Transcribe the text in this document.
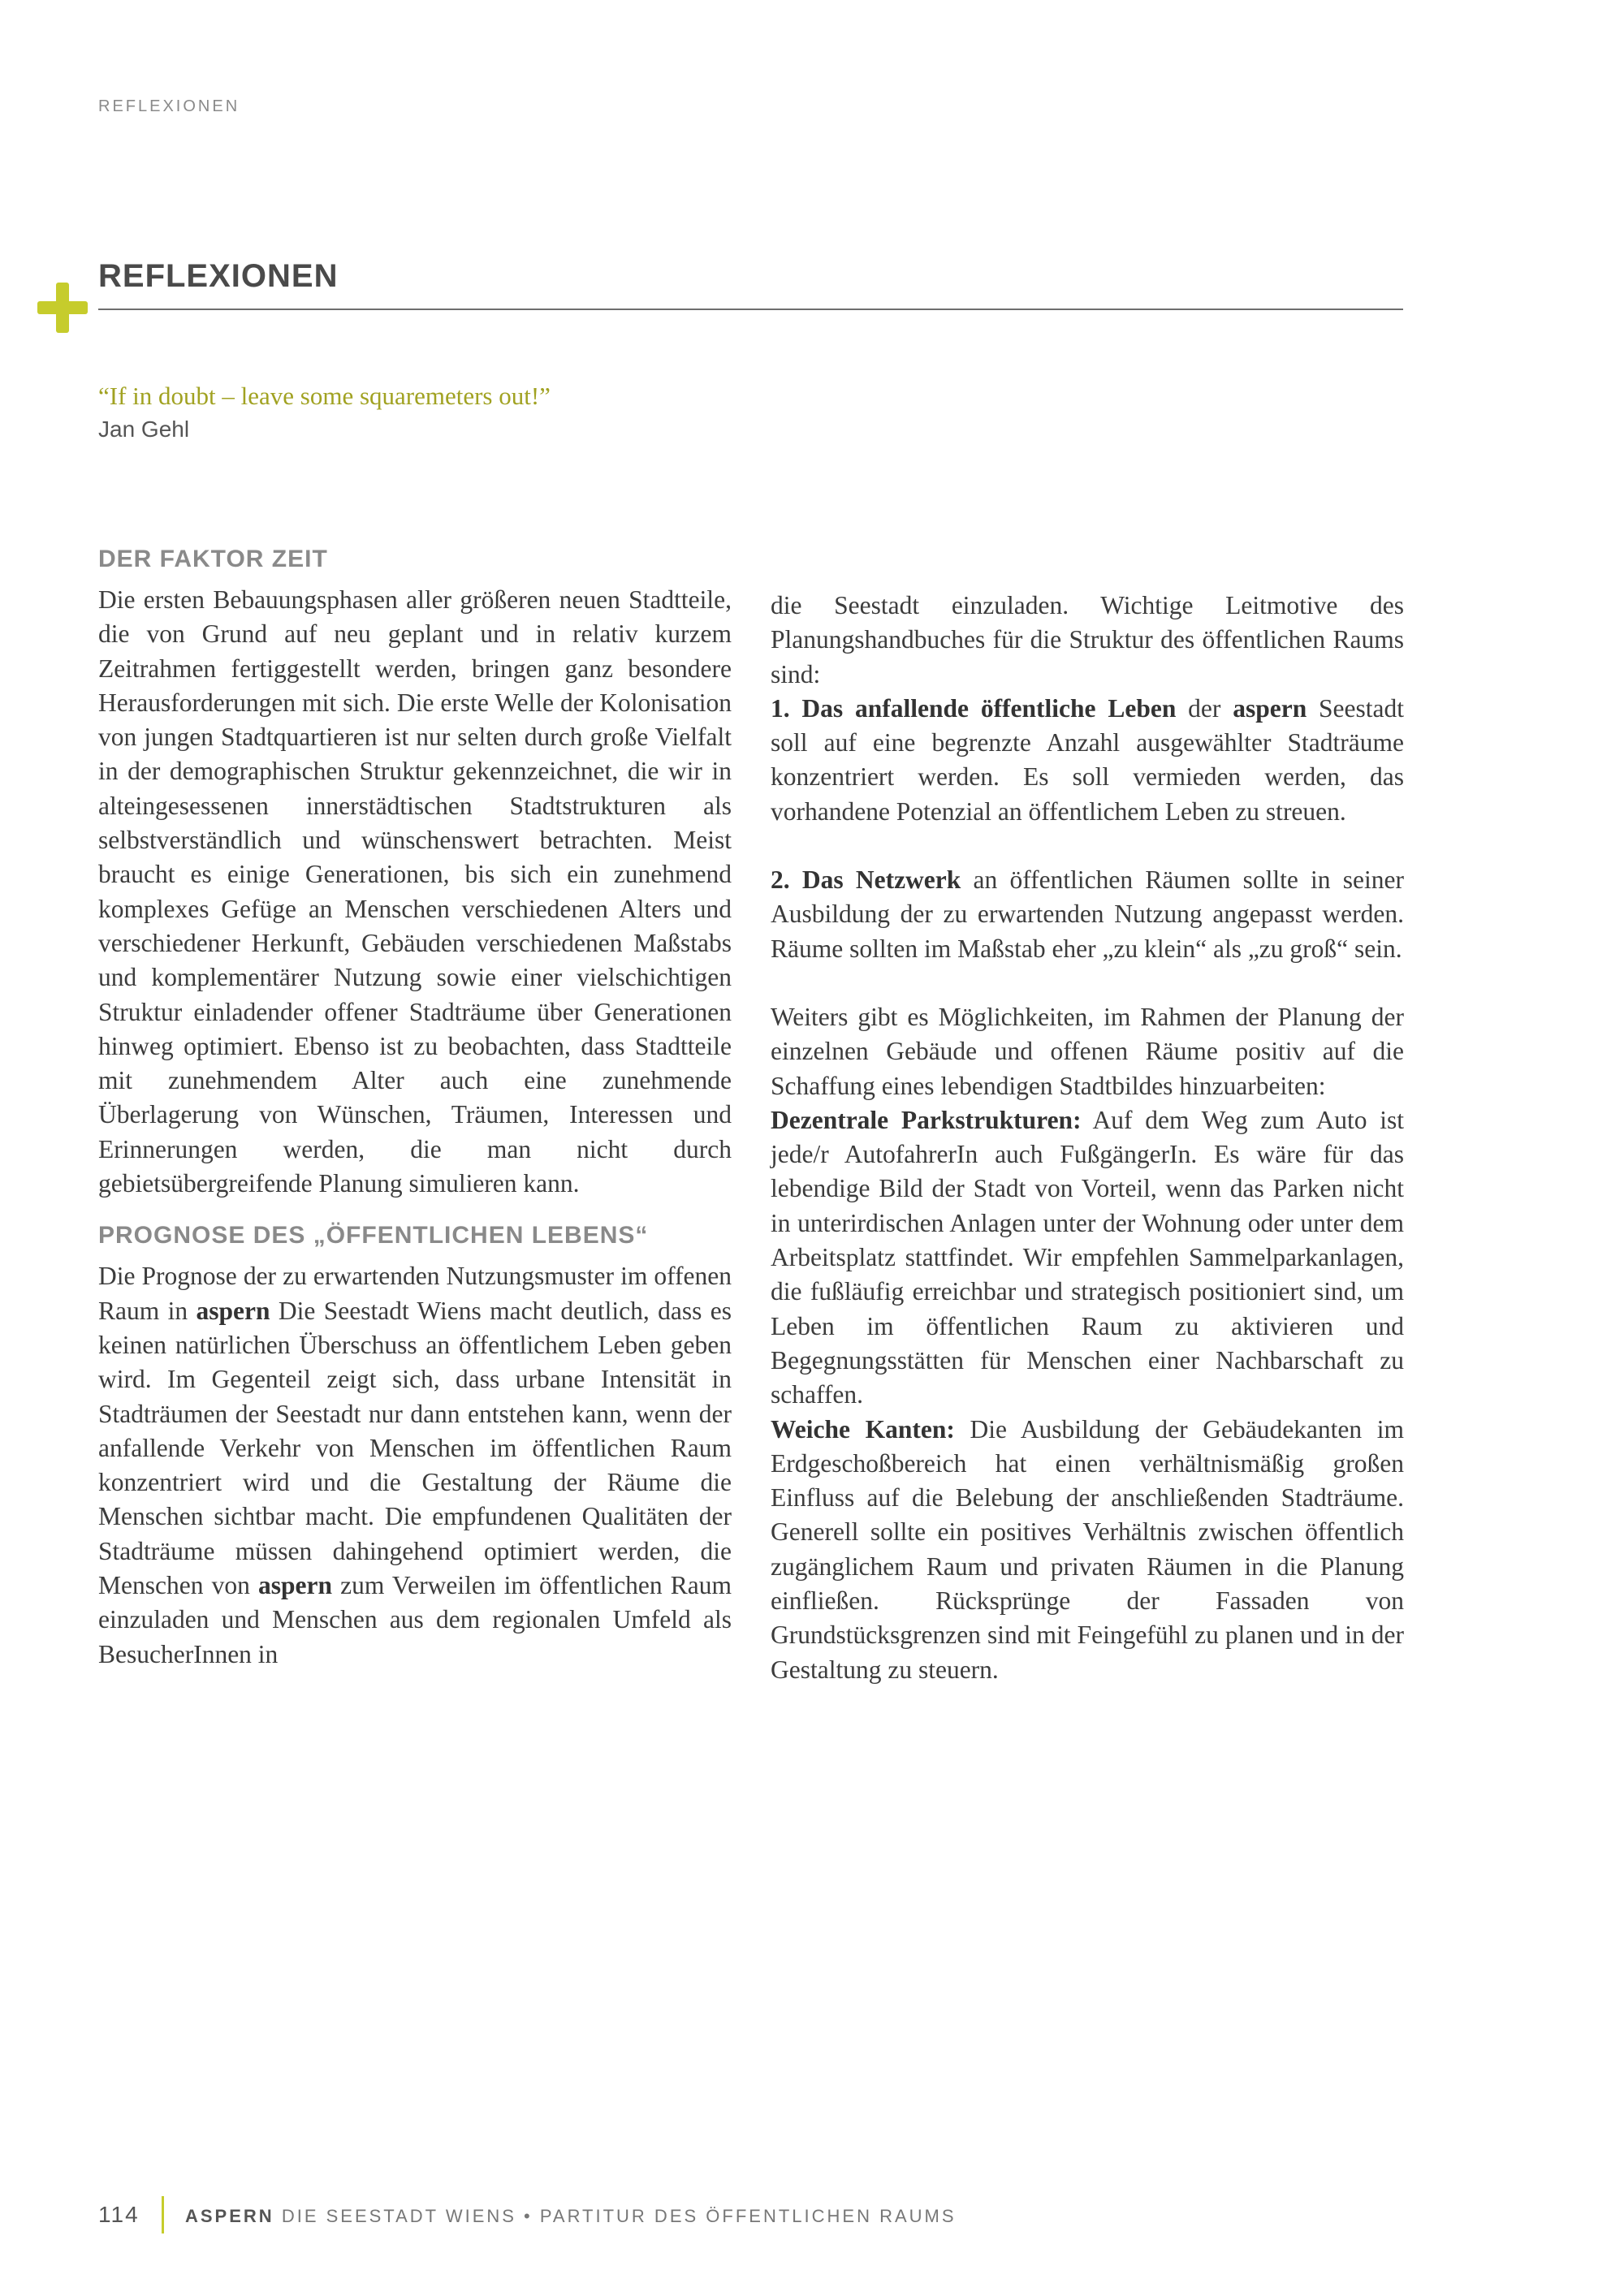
REFLEXIONEN
REFLEXIONEN
“If in doubt – leave some squaremeters out!”
Jan Gehl
DER FAKTOR ZEIT

Die ersten Bebauungsphasen aller größeren neuen Stadtteile, die von Grund auf neu geplant und in relativ kurzem Zeitrahmen fertiggestellt werden, bringen ganz besondere Herausforderungen mit sich. Die erste Welle der Kolonisation von jungen Stadtquartieren ist nur selten durch große Vielfalt in der demographischen Struktur gekennzeichnet, die wir in alteingesessenen innerstädtischen Stadtstrukturen als selbstverständlich und wünschenswert betrachten. Meist braucht es einige Generationen, bis sich ein zunehmend komplexes Gefüge an Menschen verschiedenen Alters und verschiedener Herkunft, Gebäuden verschiedenen Maßstabs und komplementärer Nutzung sowie einer vielschichtigen Struktur einladender offener Stadträume über Generationen hinweg optimiert. Ebenso ist zu beobachten, dass Stadtteile mit zunehmendem Alter auch eine zunehmende Überlagerung von Wünschen, Träumen, Interessen und Erinnerungen werden, die man nicht durch gebietsübergreifende Planung simulieren kann.

PROGNOSE DES „ÖFFENTLICHEN LEBENS“

Die Prognose der zu erwartenden Nutzungsmuster im offenen Raum in aspern Die Seestadt Wiens macht deutlich, dass es keinen natürlichen Überschuss an öffentlichem Leben geben wird. Im Gegenteil zeigt sich, dass urbane Intensität in Stadträumen der Seestadt nur dann entstehen kann, wenn der anfallende Verkehr von Menschen im öffentlichen Raum konzentriert wird und die Gestaltung der Räume die Menschen sichtbar macht. Die empfundenen Qualitäten der Stadträume müssen dahingehend optimiert werden, die Menschen von aspern zum Verweilen im öffentlichen Raum einzuladen und Menschen aus dem regionalen Umfeld als BesucherInnen in

die Seestadt einzuladen. Wichtige Leitmotive des Planungshandbuches für die Struktur des öffentlichen Raums sind:
1. Das anfallende öffentliche Leben der aspern Seestadt soll auf eine begrenzte Anzahl ausgewählter Stadträume konzentriert werden. Es soll vermieden werden, das vorhandene Potenzial an öffentlichem Leben zu streuen.

2. Das Netzwerk an öffentlichen Räumen sollte in seiner Ausbildung der zu erwartenden Nutzung angepasst werden. Räume sollten im Maßstab eher „zu klein“ als „zu groß“ sein.

Weiters gibt es Möglichkeiten, im Rahmen der Planung der einzelnen Gebäude und offenen Räume positiv auf die Schaffung eines lebendigen Stadtbildes hinzuarbeiten:
Dezentrale Parkstrukturen: Auf dem Weg zum Auto ist jede/r AutofahrerIn auch FußgängerIn. Es wäre für das lebendige Bild der Stadt von Vorteil, wenn das Parken nicht in unterirdischen Anlagen unter der Wohnung oder unter dem Arbeitsplatz stattfindet. Wir empfehlen Sammelparkanlagen, die fußläufig erreichbar und strategisch positioniert sind, um Leben im öffentlichen Raum zu aktivieren und Begegnungsstätten für Menschen einer Nachbarschaft zu schaffen.
Weiche Kanten: Die Ausbildung der Gebäudekanten im Erdgeschoßbereich hat einen verhältnismäßig großen Einfluss auf die Belebung der anschließenden Stadträume. Generell sollte ein positives Verhältnis zwischen öffentlich zugänglichem Raum und privaten Räumen in die Planung einfließen. Rücksprünge der Fassaden von Grundstücksgrenzen sind mit Feingefühl zu planen und in der Gestaltung zu steuern.

114	ASPERN DIE SEESTADT WIENS • PARTITUR DES ÖFFENTLICHEN RAUMS
